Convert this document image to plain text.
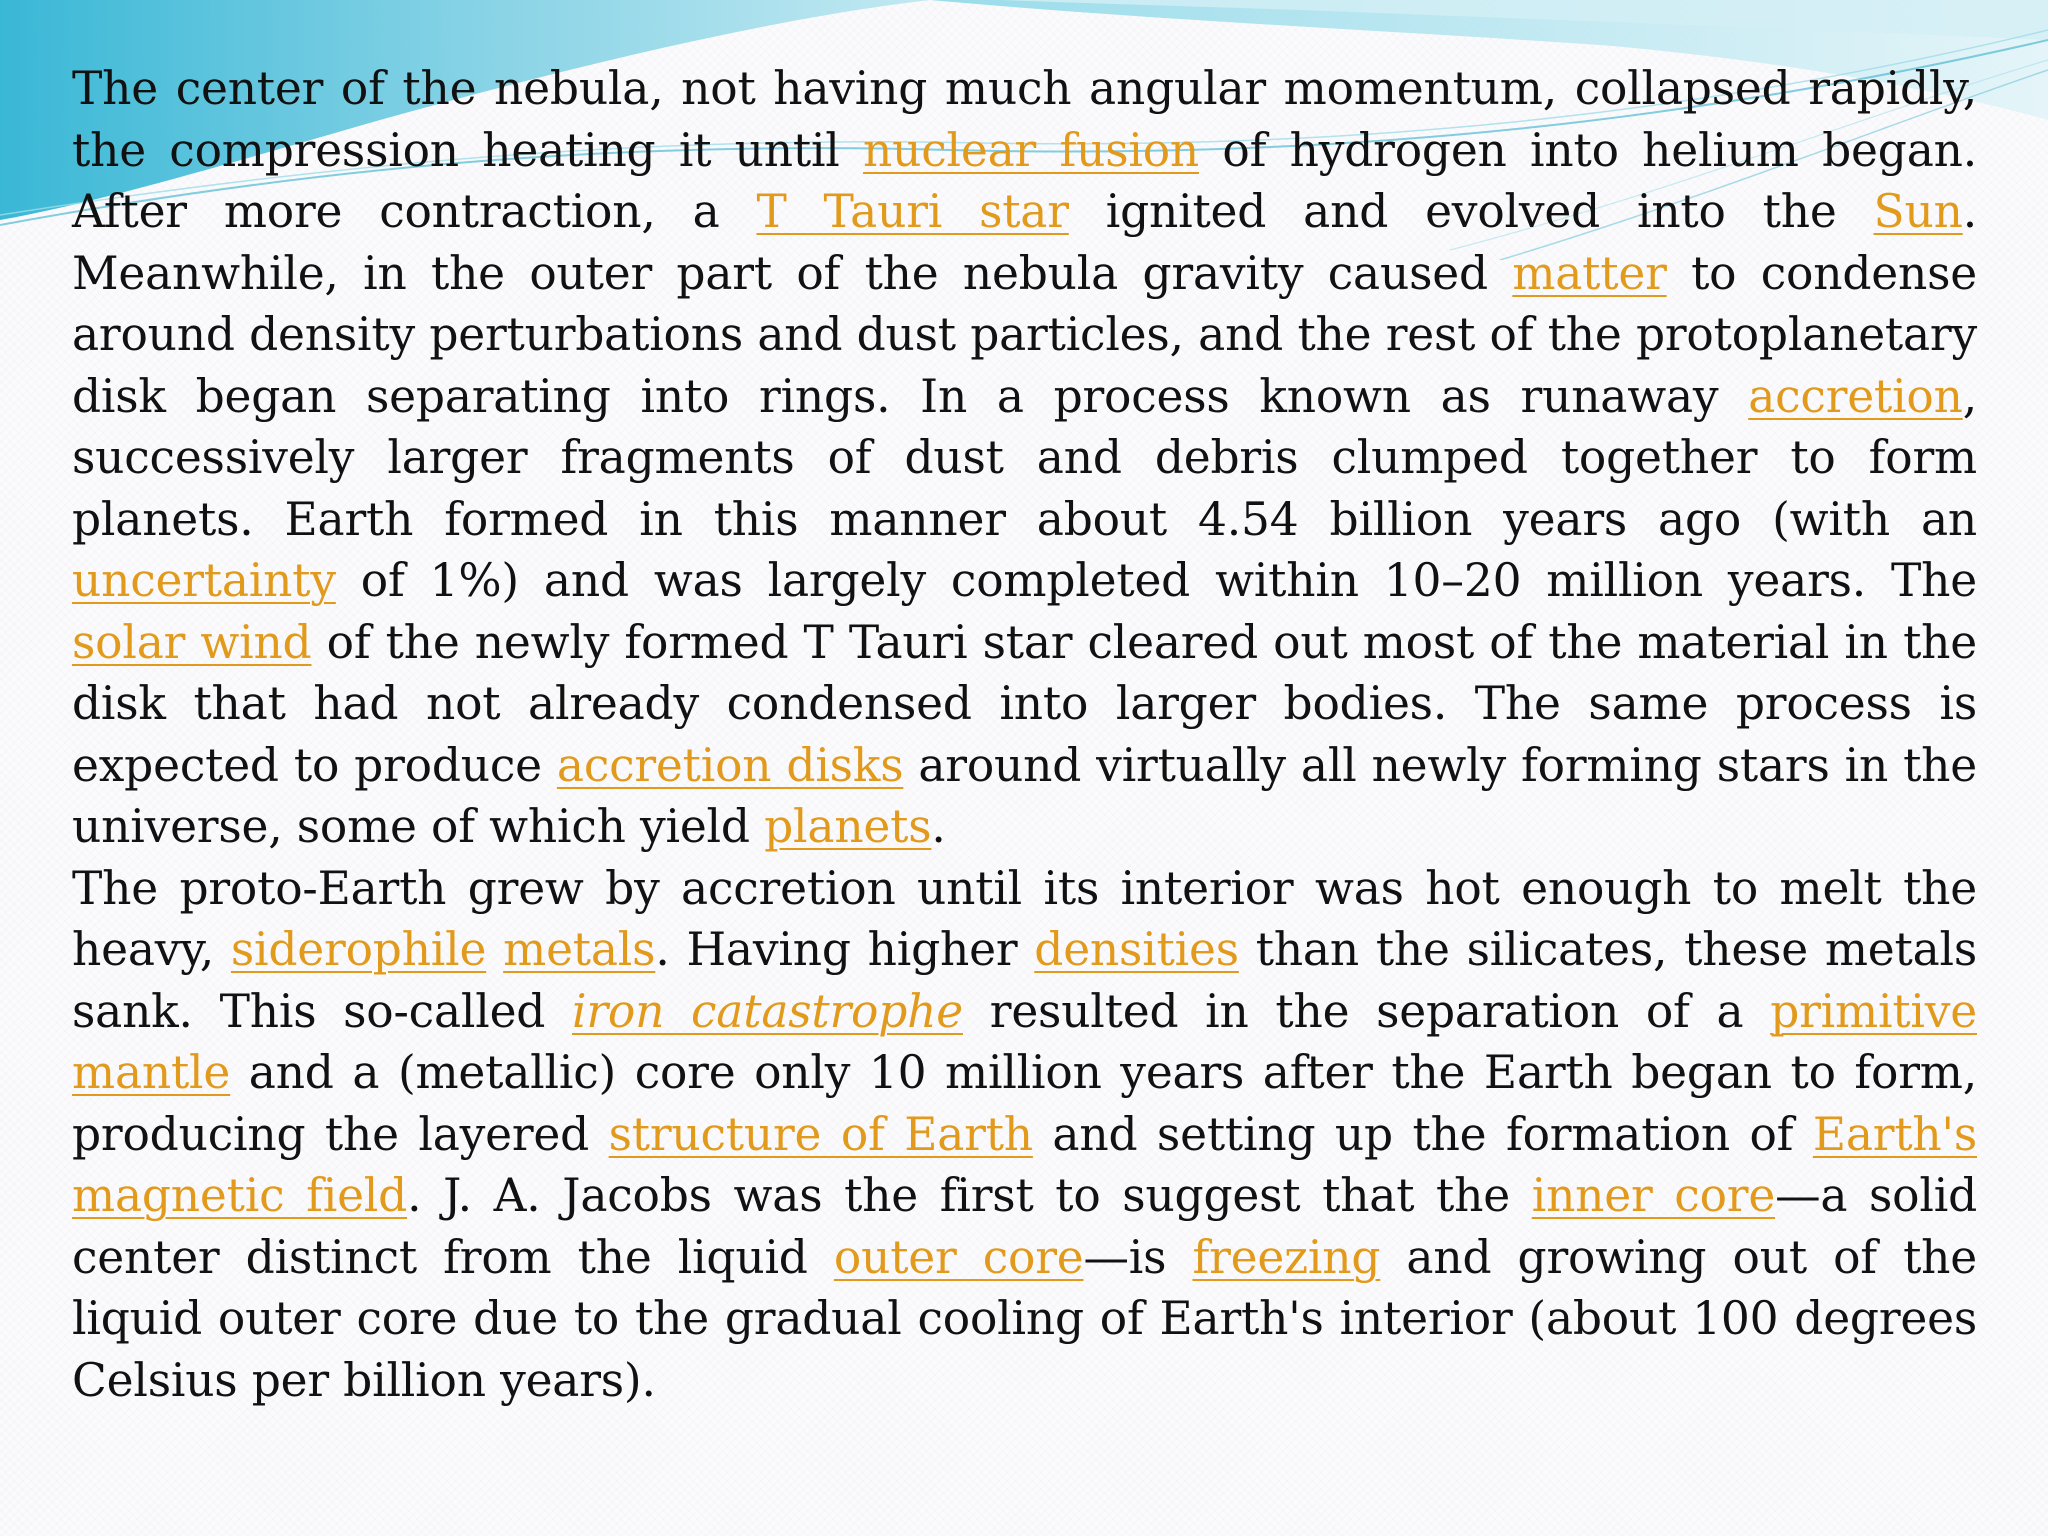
The center of the nebula, not having much angular momentum, collapsed rapidly, the compression heating it until nuclear fusion of hydrogen into helium began. After more contraction, a T Tauri star ignited and evolved into the Sun. Meanwhile, in the outer part of the nebula gravity caused matter to condense around density perturbations and dust particles, and the rest of the protoplanetary disk began separating into rings. In a process known as runaway accretion, successively larger fragments of dust and debris clumped together to form planets. Earth formed in this manner about 4.54 billion years ago (with an uncertainty of 1%) and was largely completed within 10–20 million years. The solar wind of the newly formed T Tauri star cleared out most of the material in the disk that had not already condensed into larger bodies. The same process is expected to produce accretion disks around virtually all newly forming stars in the universe, some of which yield planets.

The proto-Earth grew by accretion until its interior was hot enough to melt the heavy, siderophile metals. Having higher densities than the silicates, these metals sank. This so-called iron catastrophe resulted in the separation of a primitive mantle and a (metallic) core only 10 million years after the Earth began to form, producing the layered structure of Earth and setting up the formation of Earth's magnetic field. J. A. Jacobs was the first to suggest that the inner core—a solid center distinct from the liquid outer core—is freezing and growing out of the liquid outer core due to the gradual cooling of Earth's interior (about 100 degrees Celsius per billion years).
